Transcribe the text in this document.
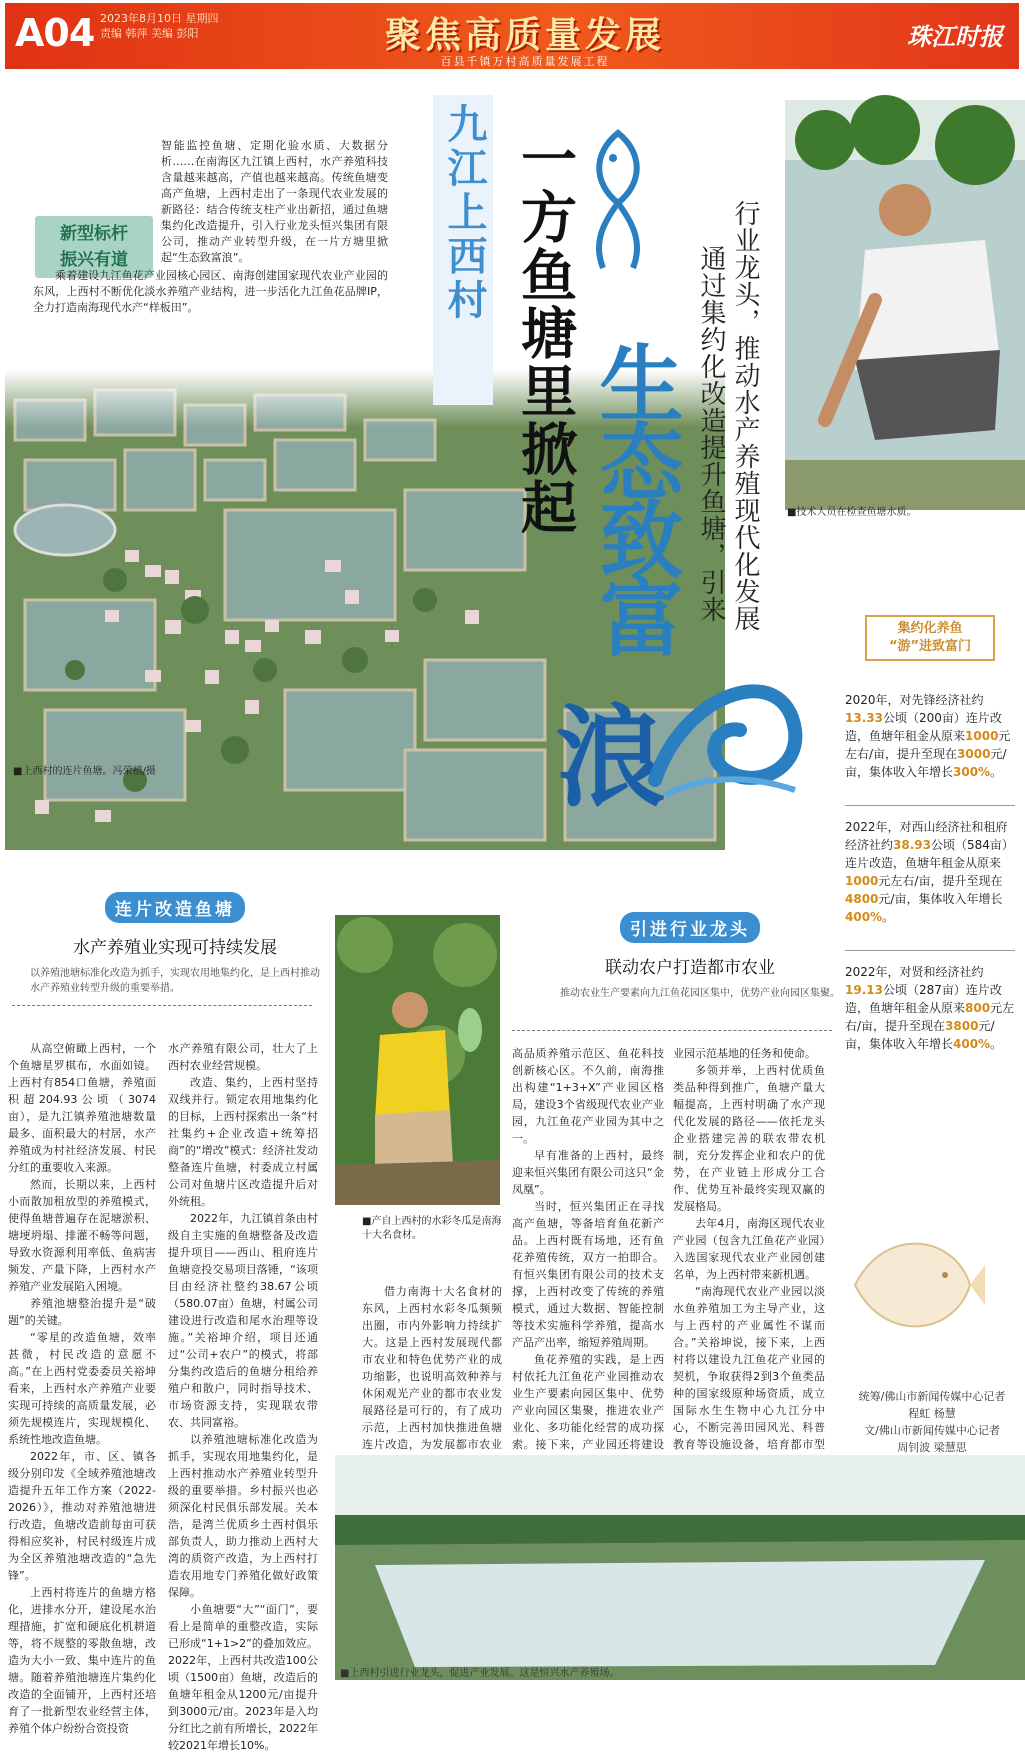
A04 2023年8月10日 星期四
责编 韩萍 美编 彭阳	聚焦高质量发展
百县千镇万村高质量发展工程
珠江时报
■上西村的连片鱼塘。冯荣禧/摄
新型标杆
振兴有道

智能监控鱼塘、定期化验水质、大数据分析……在南海区九江镇上西村，水产养殖科技含量越来越高，产值也越来越高。传统鱼塘变高产鱼塘，上西村走出了一条现代农业发展的新路径：结合传统支柱产业出新招，通过鱼塘集约化改造提升，引入行业龙头恒兴集团有限公司，推动产业转型升级，在一片方塘里掀起“生态致富浪”。

乘着建设九江鱼花产业园核心园区、南海创建国家现代农业产业园的东风，上西村不断优化淡水养殖产业结构，进一步活化九江鱼花品牌IP，全力打造南海现代水产“样板田”。	九江上西村 一方鱼塘里掀起 生态致富
浪
行业龙头，推动水产养殖现代化发展
通过集约化改造提升鱼塘，引来	■技术人员在检查鱼塘水质。
集约化养鱼
“游”进致富门
2020年，对先锋经济社约13.33公顷（200亩）连片改造，鱼塘年租金从原来1000元左右/亩，提升至现在3000元/亩，集体收入年增长300%。
2022年，对西山经济社和租府经济社约38.93公顷（584亩）连片改造，鱼塘年租金从原来1000元左右/亩，提升至现在4800元/亩，集体收入年增长400%。
2022年，对贤和经济社约19.13公顷（287亩）连片改造，鱼塘年租金从原来800元左右/亩，提升至现在3800元/亩，集体收入年增长400%。
统筹/佛山市新闻传媒中心记者
程虹 杨慧
文/佛山市新闻传媒中心记者
周钊波 梁慧思
连片改造鱼塘
水产养殖业实现可持续发展
以养殖池塘标准化改造为抓手，实现农用地集约化，是上西村推动水产养殖业转型升级的重要举措。

从高空俯瞰上西村，一个个鱼塘星罗棋布，水面如镜。上西村有854口鱼塘，养殖面积超204.93公顷（3074亩），是九江镇养殖池塘数量最多、面积最大的村居，水产养殖成为村社经济发展、村民分红的重要收入来源。

然而，长期以来，上西村小而散加租放型的养殖模式，使得鱼塘普遍存在泥塘淤积、塘埂坍塌、排灌不畅等问题，导致水资源利用率低、鱼病害频发、产量下降，上西村水产养殖产业发展陷入困境。

养殖池塘整治提升是“破题”的关键。

“零星的改造鱼塘，效率甚微，村民改造的意愿不高。”在上西村党委委员关裕坤看来，上西村水产养殖产业要实现可持续的高质量发展，必须先规模连片，实现规模化、系统性地改造鱼塘。

2022年，市、区、镇各级分别印发《全域养殖池塘改造提升五年工作方案（2022-2026）》，推动对养殖池塘进行改造，鱼塘改造前每亩可获得相应奖补，村民村级连片成为全区养殖池塘改造的“急先锋”。

上西村将连片的鱼塘方格化，进排水分开，建设尾水治理措施，扩宽和硬底化机耕道等，将不规整的零散鱼塘，改造为大小一致、集中连片的鱼塘。随着养殖池塘连片集约化改造的全面铺开，上西村还培育了一批新型农业经营主体，养殖个体户纷纷合资投资

水产养殖有限公司，壮大了上西村农业经营规模。

改造、集约，上西村坚持双线并行。锁定农用地集约化的目标，上西村探索出一条“村社集约+企业改造+统筹招商”的“增改”模式：经济社发动整备连片鱼塘，村委成立村属公司对鱼塘片区改造提升后对外统租。

2022年，九江镇首条由村级自主实施的鱼塘整备及改造提升项目——西山、租府连片鱼塘竞投交易项目落锤，“该项目由经济社整约38.67公顷（580.07亩）鱼塘，村属公司建设进行改造和尾水治理等设施。”关裕坤介绍，项目还通过“公司+农户”的模式，将部分集约改造后的鱼塘分租给养殖户和散户，同时指导技术、市场资源支持，实现联农带农、共同富裕。

以养殖池塘标准化改造为抓手，实现农用地集约化，是上西村推动水产养殖业转型升级的重要举措。乡村振兴也必须深化村民俱乐部发展。关本浩，是湾兰优质乡土西村俱乐部负责人，助力推动上西村大湾的质资产改造，为上西村打造农用地专门养殖化做好政策保障。

小鱼塘要“大”“面门”，要看上是简单的重整改造，实际已形成“1+1>2”的叠加效应。2022年，上西村共改造100公顷（1500亩）鱼塘，改造后的鱼塘年租金从1200元/亩提升到3000元/亩。2023年是入均分红比之前有所增长，2022年较2021年增长10%。

■产自上西村的水彩冬瓜是南海十大名食材。
引进行业龙头
联动农户打造都市农业
推动农业生产要素向九江鱼花园区集中，优势产业向园区集聚。

借力南海十大名食材的东风，上西村水彩冬瓜频频出圈，市内外影响力持续扩大。这是上西村发展现代都市农业和特色优势产业的成功缩影，也说明高效种养与休闲观光产业的都市农业发展路径是可行的，有了成功示范，上西村加快推进鱼塘连片改造，为发展都市农业

高品质养殖示范区、鱼花科技创新核心区。不久前，南海推出构建“1+3+X”产业园区格局，建设3个省级现代农业产业园，九江鱼花产业园为其中之一。

早有准备的上西村，最终迎来恒兴集团有限公司这只“金凤凰”。

当时，恒兴集团正在寻找高产鱼塘，等备培育鱼花新产品。上西村既有场地，还有鱼花养殖传统，双方一拍即合。有恒兴集团有限公司的技术支撑，上西村改变了传统的养殖模式，通过大数据、智能控制等技术实施科学养殖，提高水产品产出率，缩短养殖周期。

鱼花养殖的实践，是上西村依托九江鱼花产业园推动农业生产要素向园区集中、优势产业向园区集聚，推进农业产业化、多功能化经营的成功探索。接下来，产业园还将建设

业园示范基地的任务和使命。

多领并举，上西村优质鱼类品种得到推广，鱼塘产量大幅提高，上西村明确了水产现代化发展的路径——依托龙头企业搭建完善的联农带农机制，充分发挥企业和农户的优势，在产业链上形成分工合作、优势互补最终实现双赢的发展格局。

去年4月，南海区现代农业产业园（包含九江鱼花产业园）入选国家现代农业产业园创建名单，为上西村带来新机遇。

“南海现代农业产业园以淡水鱼养殖加工为主导产业，这与上西村的产业属性不谋而合。”关裕坤说，接下来，上西村将以建设九江鱼花产业园的契机，争取获得2到3个鱼类品种的国家级原种场资质，成立国际水生生物中心九江分中心，不断完善田园风光、科普教育等设施设备，培育都市型

■上西村引进行业龙头，促进产业发展。这是恒兴水产养殖场。
